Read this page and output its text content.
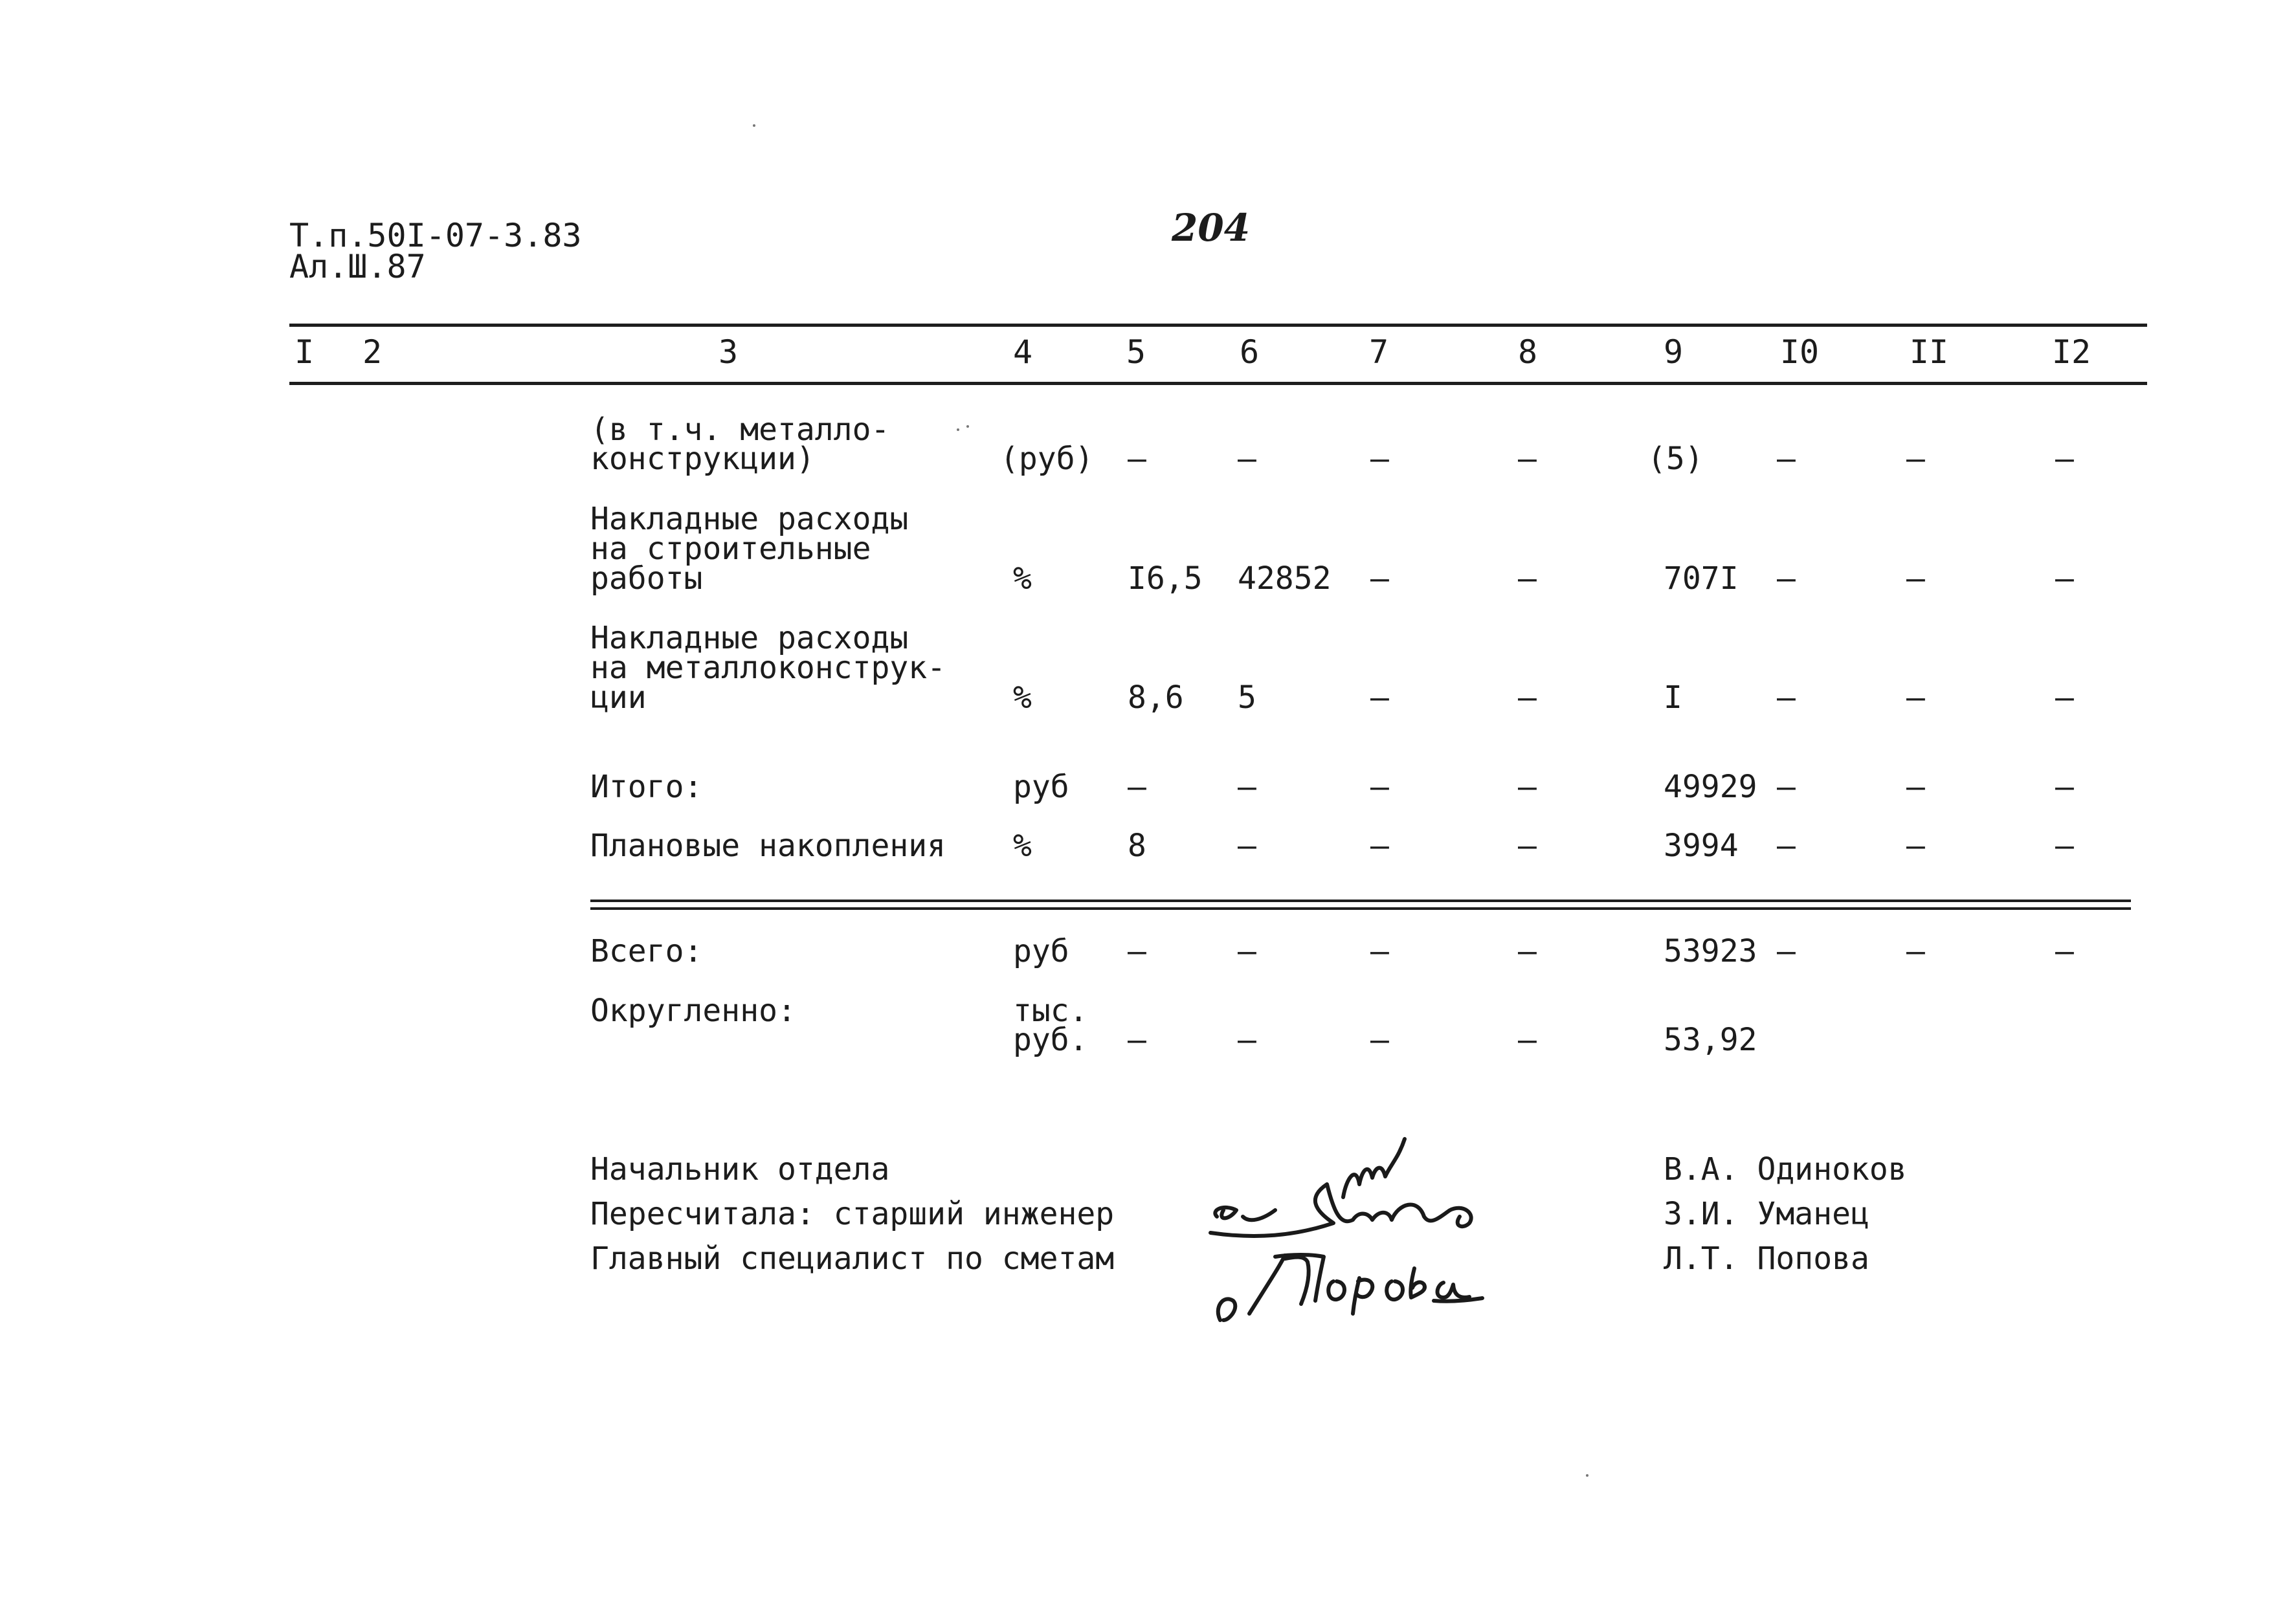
Т.п.50I-07-3.83
Ал.Ш.87
204
I 2	3	4	5	6	7	8	9	I0	II	I2
(в т.ч. металло-
конструкции)	(руб) –	–	–	–	(5) –	–	–
Накладные расходы
на строительные
работы	%	I6,5 42852 –	–	707I –	–	–
Накладные расходы
на металлоконструк-
ции	%	8,6 5	–	–	I	–	–	–
Итого:	руб –	–	–	–	49929 –	–	–
Плановые накопления %	8	–	–	–	3994 –	–	–
Всего:	руб –	–	–	–	53923 –	–	–
Округленно:	тыс.
руб. –	–	–	–	53,92
Начальник отдела
Пересчитала: старший инженер
Главный специалист по сметам
В.А. Одиноков
З.И. Уманец
Л.Т. Попова
